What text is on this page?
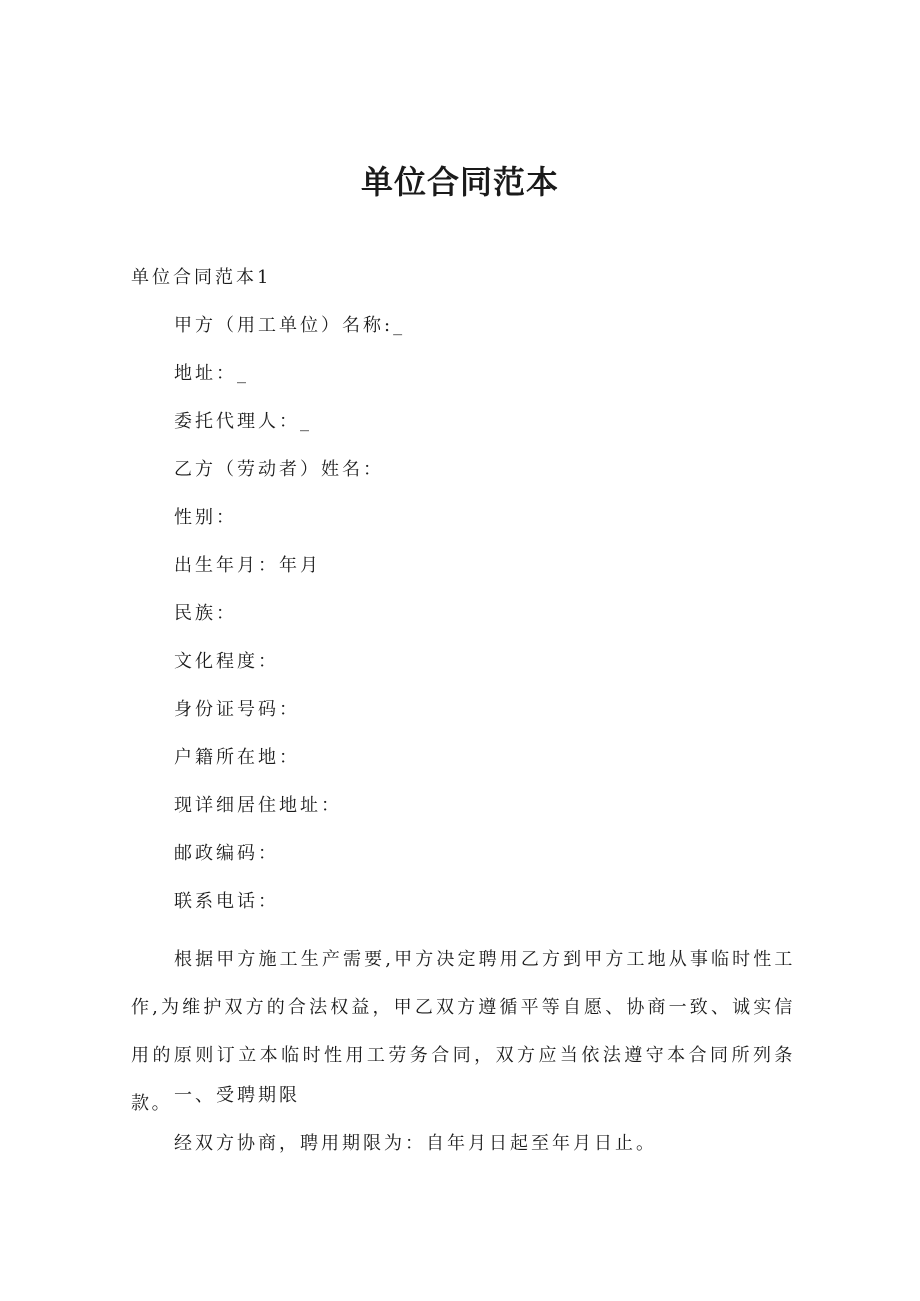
单位合同范本
单位合同范本1
甲方（用工单位）名称:_
地址：_
委托代理人：_
乙方（劳动者）姓名：
性别：
出生年月：年月
民族：
文化程度：
身份证号码：
户籍所在地：
现详细居住地址：
邮政编码：
联系电话：

根据甲方施工生产需要,甲方决定聘用乙方到甲方工地从事临时性工作,为维护双方的合法权益，甲乙双方遵循平等自愿、协商一致、诚实信用的原则订立本临时性用工劳务合同，双方应当依法遵守本合同所列条款。 一、受聘期限
经双方协商，聘用期限为：自年月日起至年月日止。
